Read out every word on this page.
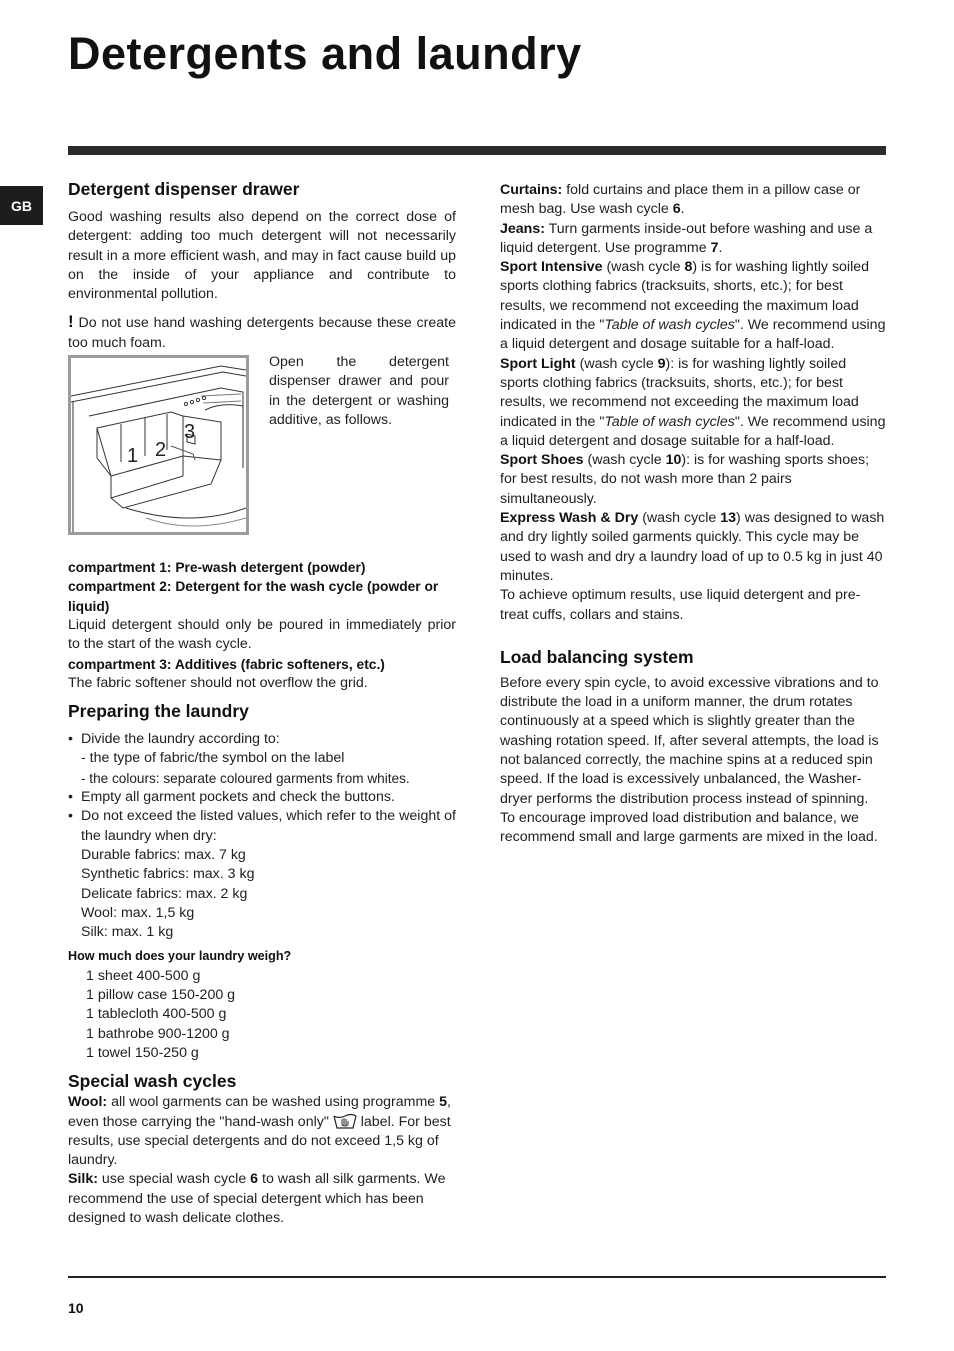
Detergents and laundry
GB
Detergent dispenser drawer

Good washing results also depend on the correct dose of detergent: adding too much detergent will not necessarily result in a more efficient wash, and may in fact cause build up on the inside of your appliance and contribute to environmental pollution.

! Do not use hand washing detergents because these create too much foam.

1 2
3

Open the detergent dispenser drawer and pour in the detergent or washing additive, as follows.

compartment 1: Pre-wash detergent (powder)
compartment 2: Detergent for the wash cycle (powder or liquid)

Liquid detergent should only be poured in immediately prior to the start of the wash cycle.

compartment 3: Additives (fabric softeners, etc.)

The fabric softener should not overflow the grid.

Preparing the laundry
• Divide the laundry according to:
- the type of fabric/the symbol on the label
- the colours: separate coloured garments from whites.
• Empty all garment pockets and check the buttons.
• Do not exceed the listed values, which refer to the weight of the laundry when dry:
Durable fabrics: max. 7 kg
Synthetic fabrics: max. 3 kg
Delicate fabrics: max. 2 kg
Wool: max. 1,5 kg
Silk: max. 1 kg
How much does your laundry weigh?
1 sheet 400-500 g
1 pillow case 150-200 g
1 tablecloth 400-500 g
1 bathrobe 900-1200 g
1 towel 150-250 g
Special wash cycles

Wool: all wool garments can be washed using programme 5, even those carrying the "hand-wash only"  label. For best results, use special detergents and do not exceed 1,5 kg of laundry.

Silk: use special wash cycle 6 to wash all silk garments. We recommend the use of special detergent which has been designed to wash delicate clothes.

Curtains: fold curtains and place them in a pillow case or mesh bag. Use wash cycle 6.

Jeans: Turn garments inside-out before washing and use a liquid detergent. Use programme 7.

Sport Intensive (wash cycle 8) is for washing lightly soiled sports clothing fabrics (tracksuits, shorts, etc.); for best results, we recommend not exceeding the maximum load indicated in the "Table of wash cycles". We recommend using a liquid detergent and dosage suitable for a half-load.

Sport Light (wash cycle 9): is for washing lightly soiled sports clothing fabrics (tracksuits, shorts, etc.); for best results, we recommend not exceeding the maximum load indicated in the "Table of wash cycles". We recommend using a liquid detergent and dosage suitable for a half-load.

Sport Shoes (wash cycle 10): is for washing sports shoes; for best results, do not wash more than 2 pairs simultaneously.

Express Wash & Dry (wash cycle 13) was designed to wash and dry lightly soiled garments quickly. This cycle may be used to wash and dry a laundry load of up to 0.5 kg in just 40 minutes.

To achieve optimum results, use liquid detergent and pre-treat cuffs, collars and stains.

Load balancing system

Before every spin cycle, to avoid excessive vibrations and to distribute the load in a uniform manner, the drum rotates continuously at a speed which is slightly greater than the washing rotation speed. If, after several attempts, the load is not balanced correctly, the machine spins at a reduced spin speed. If the load is excessively unbalanced, the Washer-dryer performs the distribution process instead of spinning. To encourage improved load distribution and balance, we recommend small and large garments are mixed in the load.

10
